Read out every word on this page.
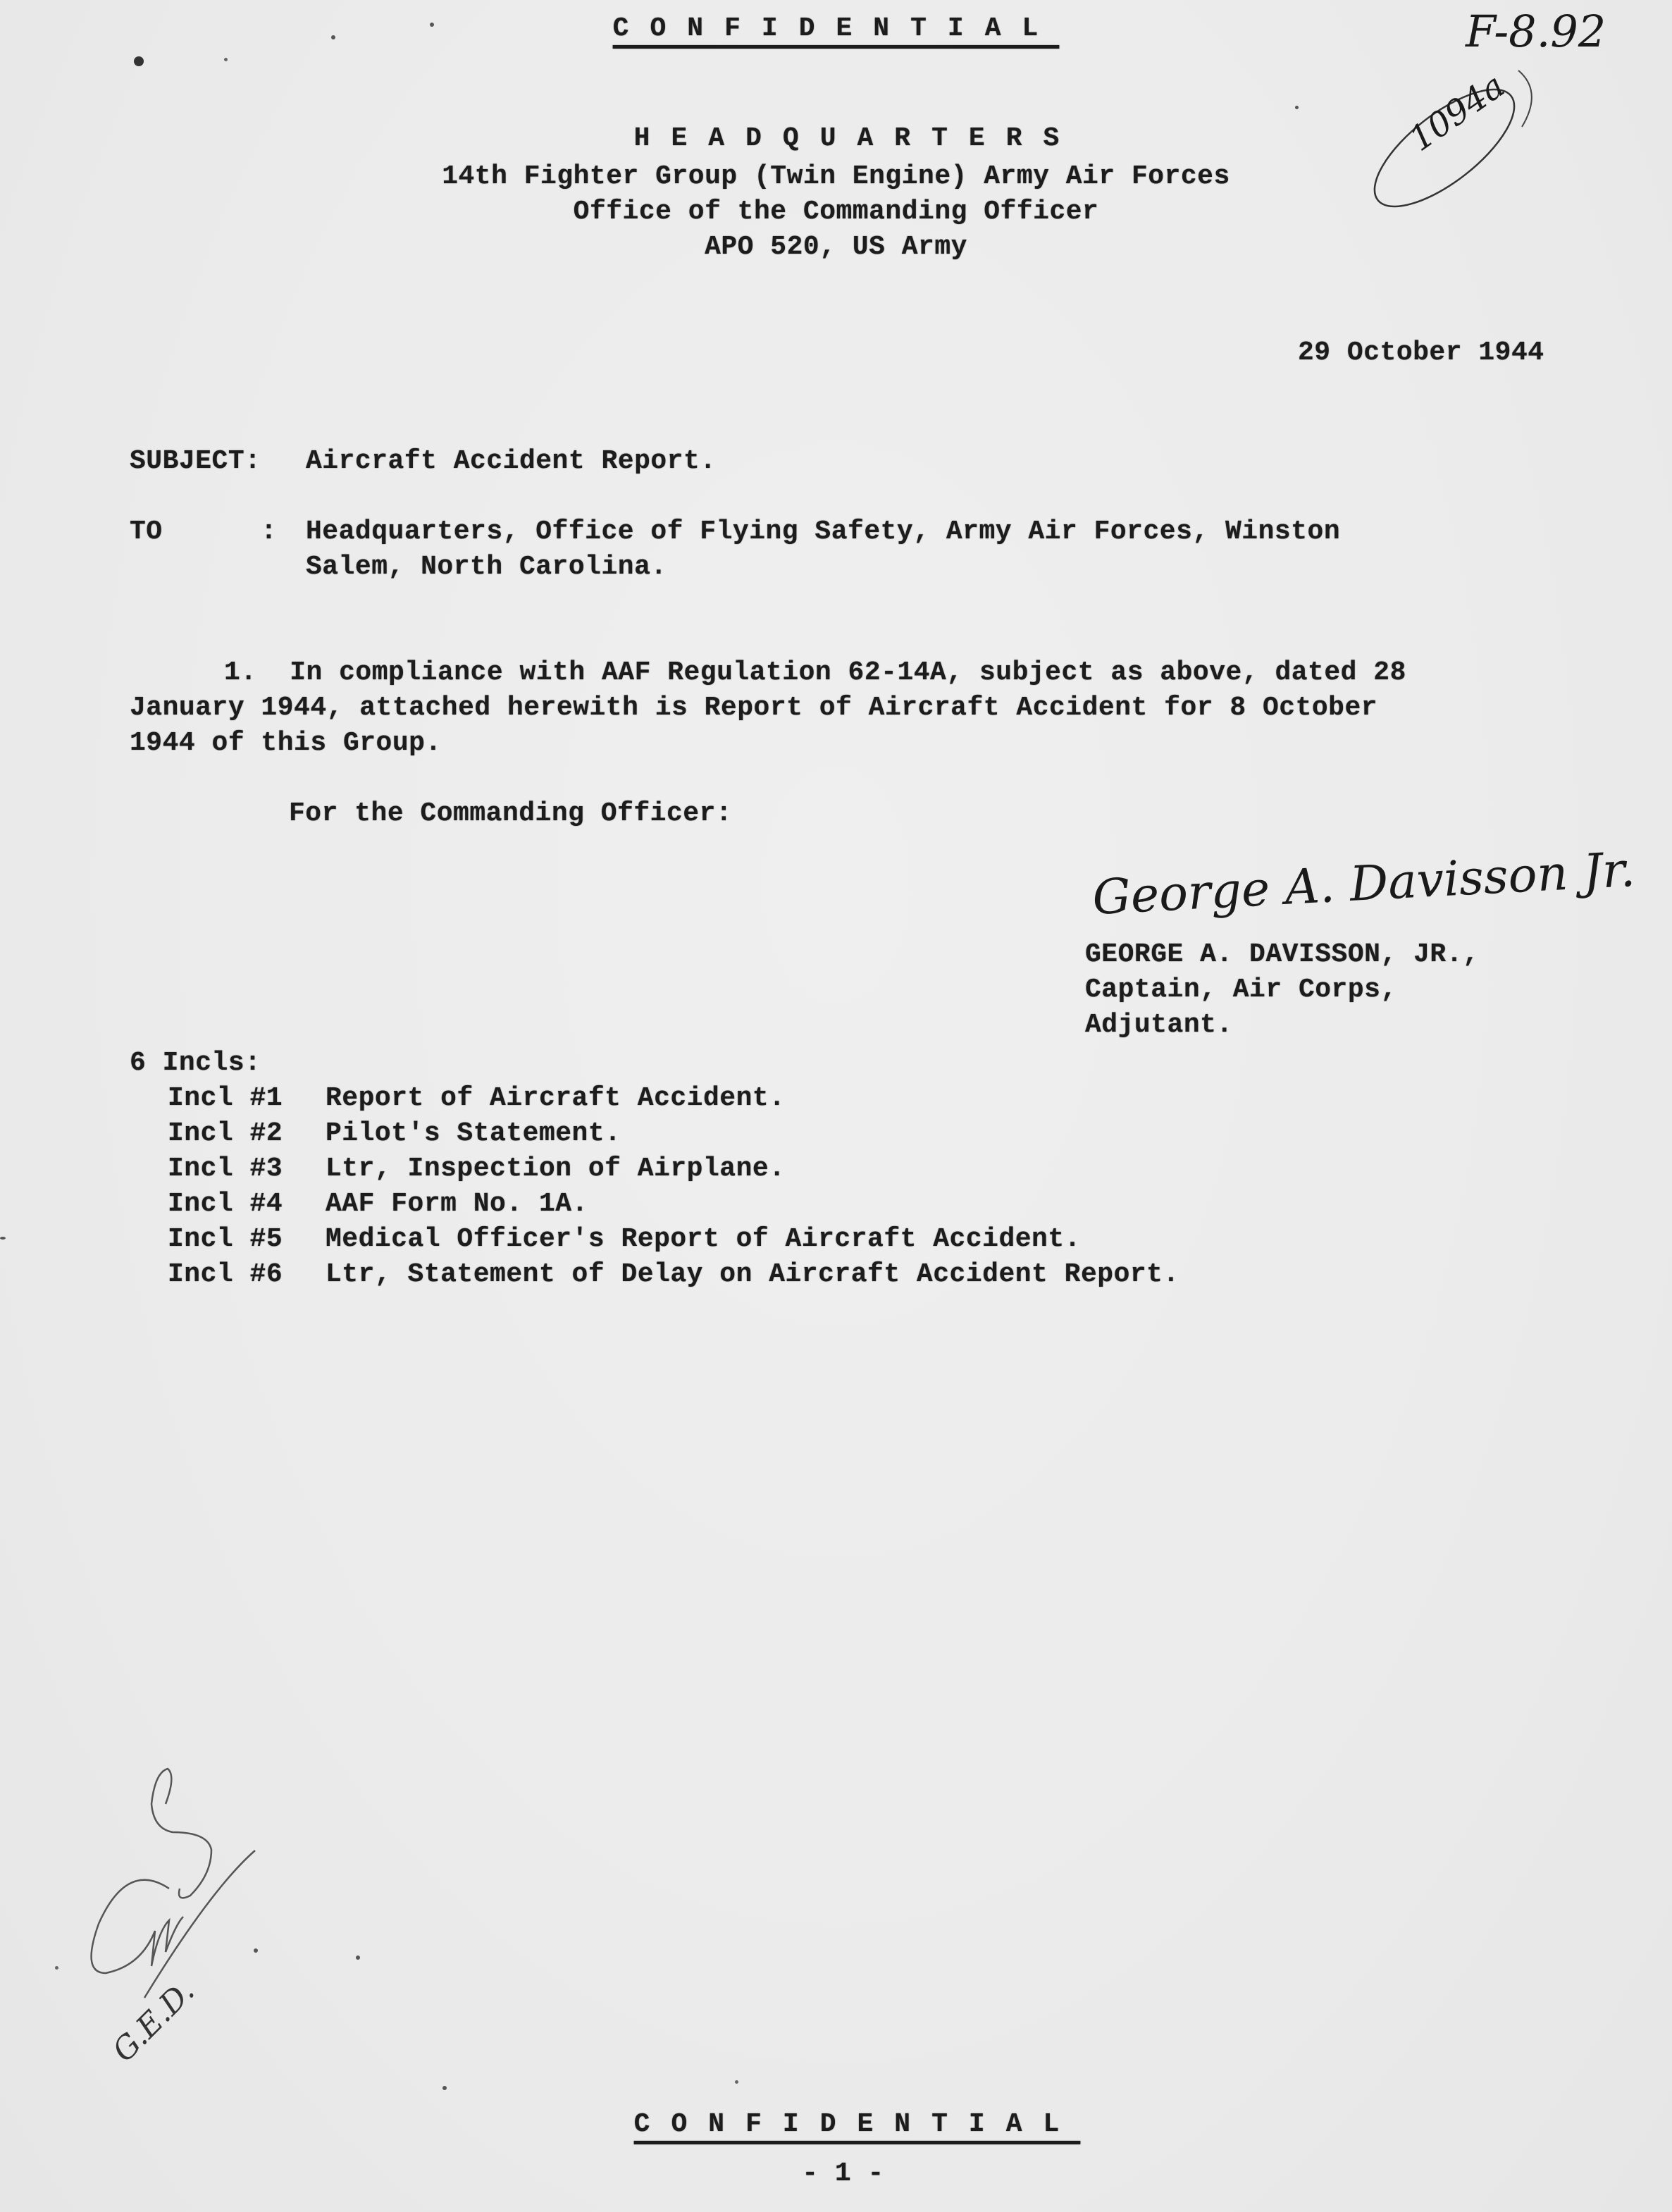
CONFIDENTIAL	F-8.92
1094a
HEADQUARTERS
14th Fighter Group (Twin Engine) Army Air Forces
Office of the Commanding Officer
APO 520, US Army
29 October 1944
SUBJECT: Aircraft Accident Report.
TO	: Headquarters, Office of Flying Safety, Army Air Forces, Winston
Salem, North Carolina.
1.  In compliance with AAF Regulation 62-14A, subject as above, dated 28
January 1944, attached herewith is Report of Aircraft Accident for 8 October
1944 of this Group.
For the Commanding Officer:
George A. Davisson Jr.
GEORGE A. DAVISSON, JR.,
Captain, Air Corps,
Adjutant.
6 Incls:
Incl #1 Report of Aircraft Accident.
Incl #2 Pilot's Statement.
Incl #3 Ltr, Inspection of Airplane.
Incl #4 AAF Form No. 1A.
Incl #5 Medical Officer's Report of Aircraft Accident.
Incl #6 Ltr, Statement of Delay on Aircraft Accident Report.
G.E.D.
CONFIDENTIAL
- 1 -
